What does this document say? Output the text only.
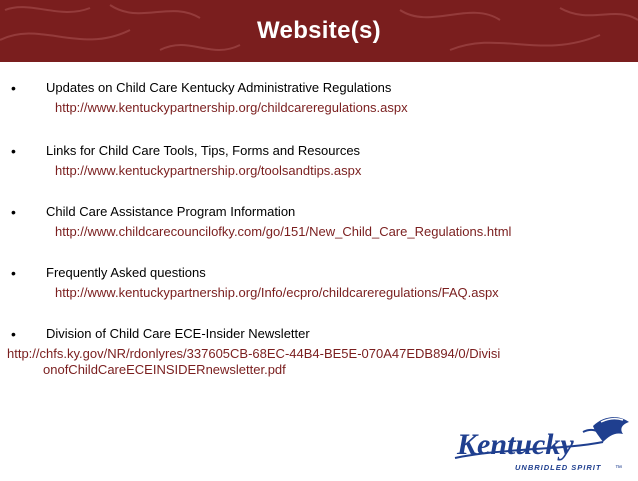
Website(s)
• Updates on Child Care Kentucky Administrative Regulations
http://www.kentuckypartnership.org/childcareregulations.aspx
• Links for Child Care Tools, Tips, Forms and Resources
http://www.kentuckypartnership.org/toolsandtips.aspx
• Child Care Assistance Program Information
http://www.childcarecouncilofky.com/go/151/New_Child_Care_Regulations.html
• Frequently Asked questions
http://www.kentuckypartnership.org/Info/ecpro/childcareregulations/FAQ.aspx
• Division of Child Care ECE-Insider Newsletter
http://chfs.ky.gov/NR/rdonlyres/337605CB-68EC-44B4-BE5E-070A47EDB894/0/DivisionofChildCareECEINSIDERnewsletter.pdf
Kentucky
UNBRIDLED SPIRIT ™
